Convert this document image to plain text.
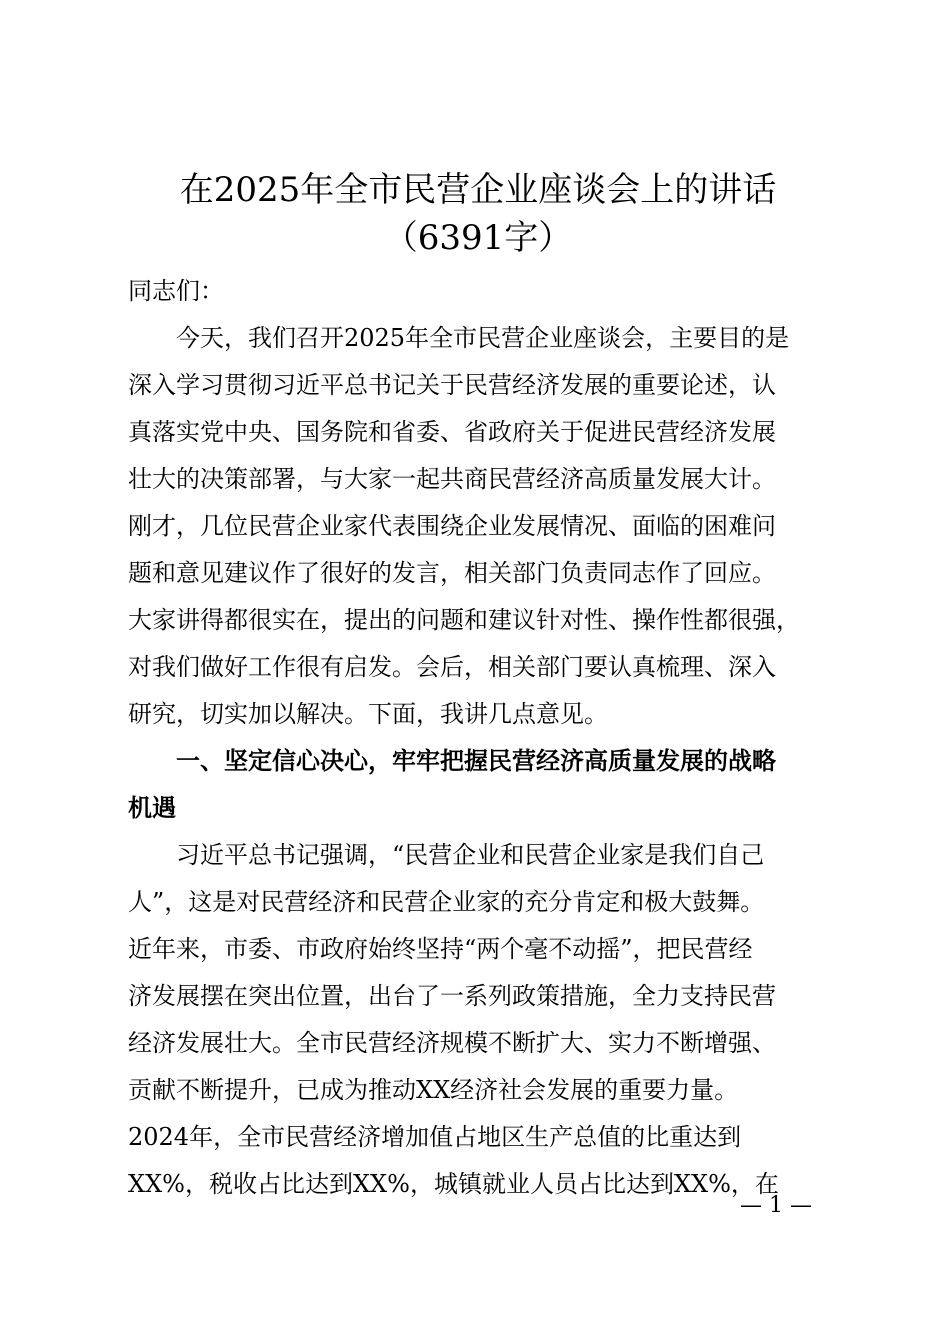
在2025年全市民营企业座谈会上的讲话
（6391字）
同志们：
今天，我们召开2025年全市民营企业座谈会，主要目的是
深入学习贯彻习近平总书记关于民营经济发展的重要论述，认
真落实党中央、国务院和省委、省政府关于促进民营经济发展
壮大的决策部署，与大家一起共商民营经济高质量发展大计。
刚才，几位民营企业家代表围绕企业发展情况、面临的困难问
题和意见建议作了很好的发言，相关部门负责同志作了回应。
大家讲得都很实在，提出的问题和建议针对性、操作性都很强，
对我们做好工作很有启发。会后，相关部门要认真梳理、深入
研究，切实加以解决。下面，我讲几点意见。
一、坚定信心决心，牢牢把握民营经济高质量发展的战略
机遇
习近平总书记强调，“民营企业和民营企业家是我们自己
人”，这是对民营经济和民营企业家的充分肯定和极大鼓舞。
近年来，市委、市政府始终坚持“两个毫不动摇”，把民营经
济发展摆在突出位置，出台了一系列政策措施，全力支持民营
经济发展壮大。全市民营经济规模不断扩大、实力不断增强、
贡献不断提升，已成为推动XX经济社会发展的重要力量。
2024年，全市民营经济增加值占地区生产总值的比重达到
XX%，税收占比达到XX%，城镇就业人员占比达到XX%，在
— 1 —
